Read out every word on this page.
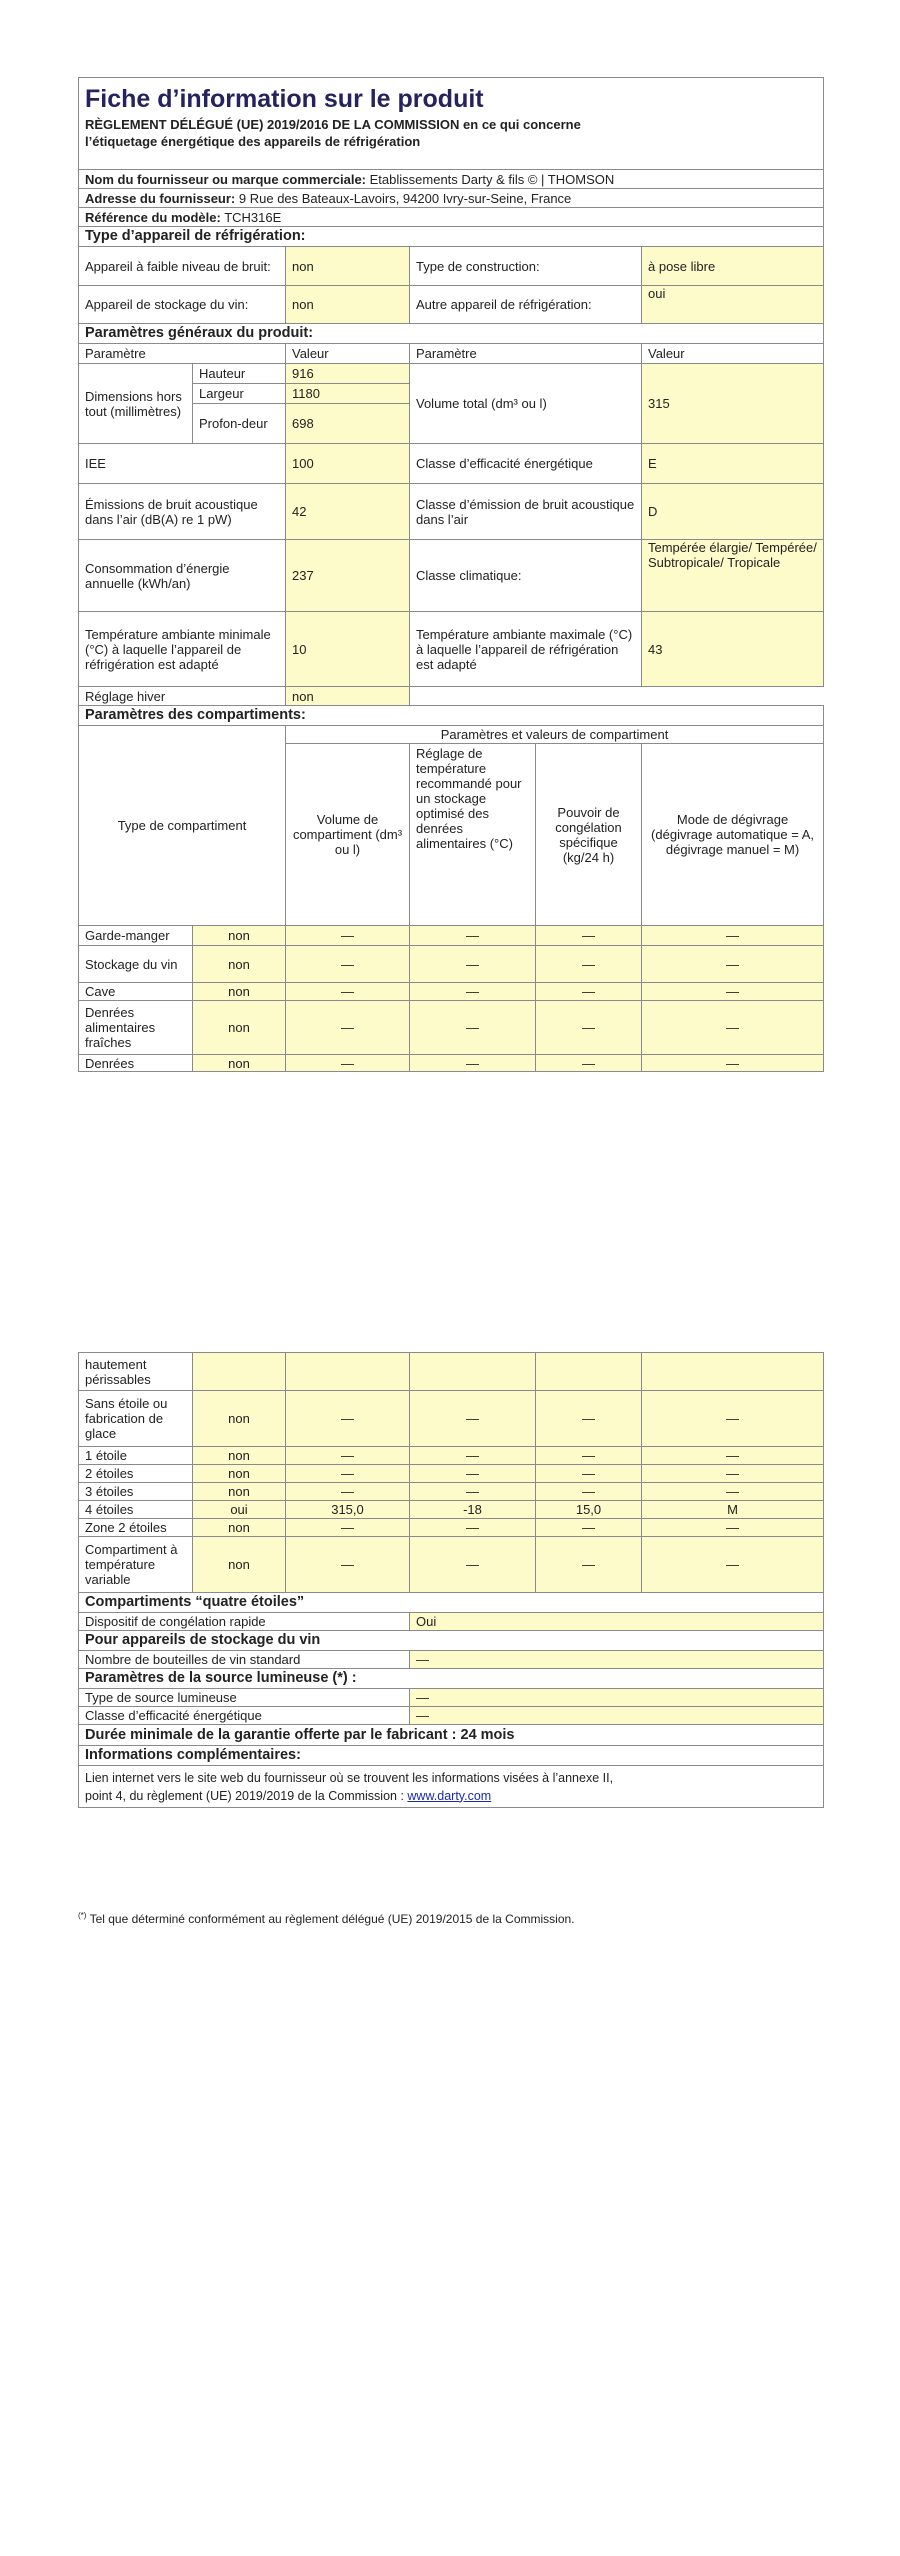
Fiche d’information sur le produit
RÈGLEMENT DÉLÉGUÉ (UE) 2019/2016 DE LA COMMISSION en ce qui concerne
l’étiquetage énergétique des appareils de réfrigération					

Nom du fournisseur ou marque commerciale: Etablissements Darty & fils © | THOMSON					
Adresse du fournisseur: 9 Rue des Bateaux-Lavoirs, 94200 Ivry-sur-Seine, France					
Référence du modèle: TCH316E					
Type d’appareil de réfrigération:					
Appareil à faible niveau de bruit:		non	Type de construction:		à pose libre
Appareil de stockage du vin:		non	Autre appareil de réfrigération:		oui
Paramètres généraux du produit:					
Paramètre		Valeur	Paramètre		Valeur
Dimensions hors tout (millimètres)	Hauteur	916	Volume total (dm³ ou l)		315
	Largeur	1180			
	Profon-deur	698			
IEE		100	Classe d’efficacité énergétique		E
Émissions de bruit acoustique dans l’air (dB(A) re 1 pW)		42	Classe d’émission de bruit acoustique dans l’air		D
Consommation d’énergie annuelle (kWh/an)		237	Classe climatique:		Tempérée élargie/ Tempérée/ Subtropicale/ Tropicale
Température ambiante minimale (°C) à laquelle l’appareil de réfrigération est adapté		10	Température ambiante maximale (°C) à laquelle l’appareil de réfrigération est adapté		43
Réglage hiver		non			
Paramètres des compartiments:					
Type de compartiment		Paramètres et valeurs de compartiment			
		Volume de compartiment (dm³ ou l)	Réglage de température recommandé pour un stockage optimisé des denrées alimentaires (°C)	Pouvoir de congélation spécifique (kg/24 h)	Mode de dégivrage (dégivrage automatique = A, dégivrage manuel = M)
Garde-manger	non	—	—	—	—
Stockage du vin	non	—	—	—	—
Cave	non	—	—	—	—
Denrées alimentaires fraîches	non	—	—	—	—
Denrées	non	—	—	—	—
hautement périssables					
Sans étoile ou fabrication de glace	non	—	—	—	—
1 étoile	non	—	—	—	—
2 étoiles	non	—	—	—	—
3 étoiles	non	—	—	—	—
4 étoiles	oui	315,0	-18	15,0	M
Zone 2 étoiles	non	—	—	—	—
Compartiment à température variable	non	—	—	—	—
Compartiments “quatre étoiles”					
Dispositif de congélation rapide			Oui		
Pour appareils de stockage du vin					
Nombre de bouteilles de vin standard			—		
Paramètres de la source lumineuse (*) :					
Type de source lumineuse			—		
Classe d’efficacité énergétique			—		
Durée minimale de la garantie offerte par le fabricant : 24 mois					
Informations complémentaires:					
Lien internet vers le site web du fournisseur où se trouvent les informations visées à l’annexe II,
point 4, du règlement (UE) 2019/2019 de la Commission : www.darty.com					
(*) Tel que déterminé conformément au règlement délégué (UE) 2019/2015 de la Commission.
